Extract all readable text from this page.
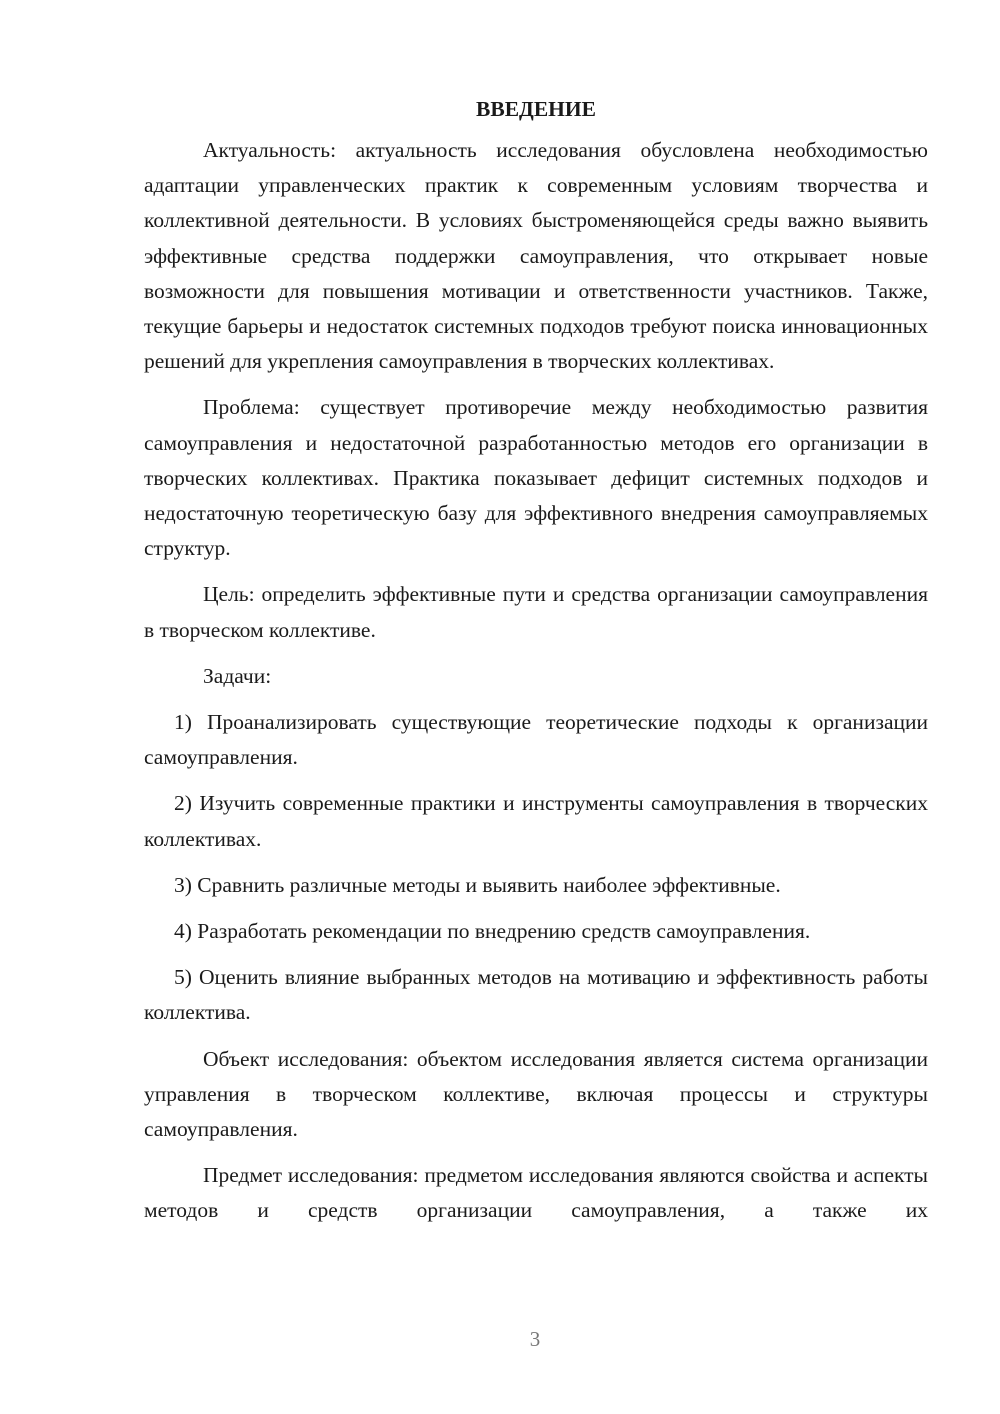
ВВЕДЕНИЕ

Актуальность: актуальность исследования обусловлена необходимостью адаптации управленческих практик к современным условиям творчества и коллективной деятельности. В условиях быстроменяющейся среды важно выявить эффективные средства поддержки самоуправления, что открывает новые возможности для повышения мотивации и ответственности участников. Также, текущие барьеры и недостаток системных подходов требуют поиска инновационных решений для укрепления самоуправления в творческих коллективах.

Проблема: существует противоречие между необходимостью развития самоуправления и недостаточной разработанностью методов его организации в творческих коллективах. Практика показывает дефицит системных подходов и недостаточную теоретическую базу для эффективного внедрения самоуправляемых структур.

Цель: определить эффективные пути и средства организации самоуправления в творческом коллективе.

Задачи:

1) Проанализировать существующие теоретические подходы к организации самоуправления.

2) Изучить современные практики и инструменты самоуправления в творческих коллективах.

3) Сравнить различные методы и выявить наиболее эффективные.

4) Разработать рекомендации по внедрению средств самоуправления.

5) Оценить влияние выбранных методов на мотивацию и эффективность работы коллектива.

Объект исследования: объектом исследования является система организации управления в творческом коллективе, включая процессы и структуры самоуправления.

Предмет исследования: предметом исследования являются свойства и аспекты методов и средств организации самоуправления, а также их

3
